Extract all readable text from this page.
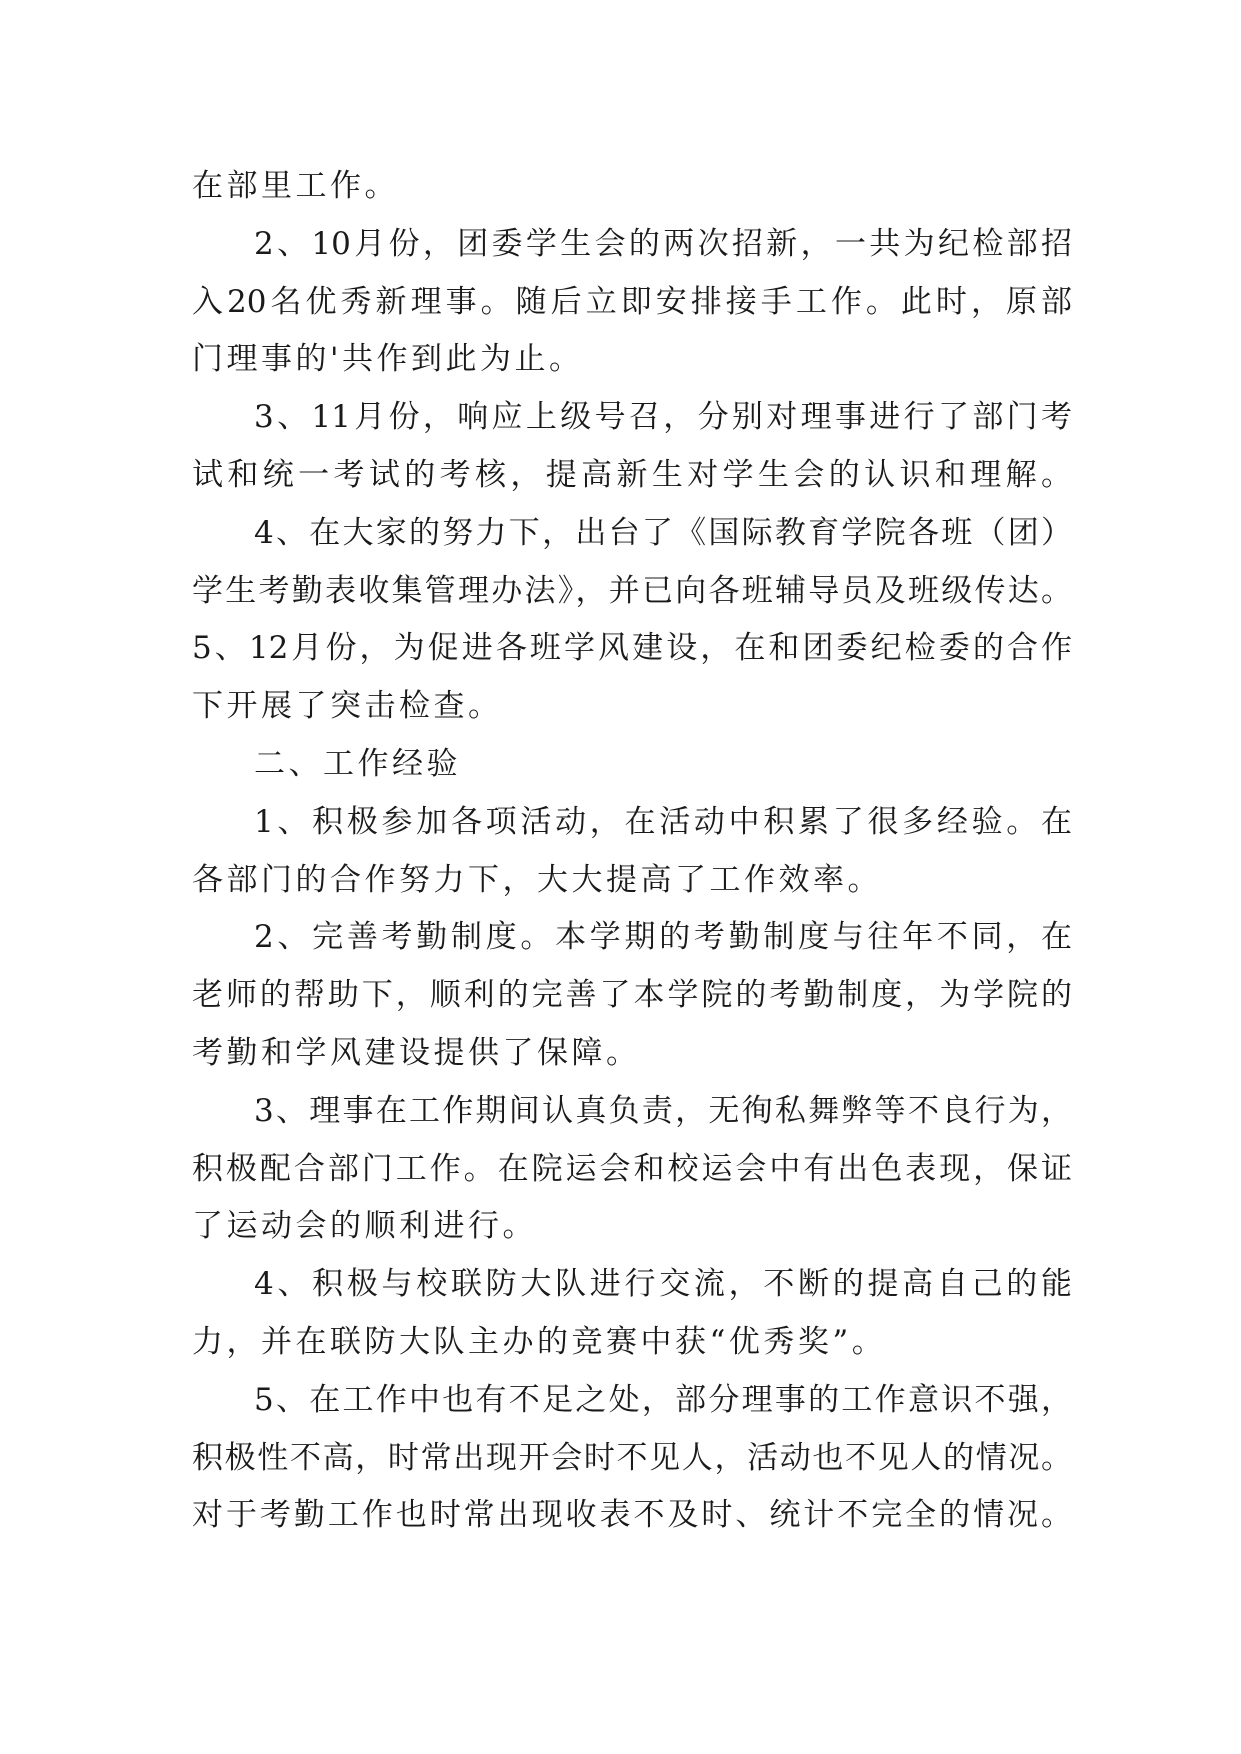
在部里工作。
2、10月份，团委学生会的两次招新，一共为纪检部招
入20名优秀新理事。随后立即安排接手工作。此时，原部
门理事的'共作到此为止。
3、11月份，响应上级号召，分别对理事进行了部门考
试和统一考试的考核，提高新生对学生会的认识和理解。
4、在大家的努力下，出台了《国际教育学院各班（团）
学生考勤表收集管理办法》，并已向各班辅导员及班级传达。
5、12月份，为促进各班学风建设，在和团委纪检委的合作
下开展了突击检查。
二、工作经验
1、积极参加各项活动，在活动中积累了很多经验。在
各部门的合作努力下，大大提高了工作效率。
2、完善考勤制度。本学期的考勤制度与往年不同，在
老师的帮助下，顺利的完善了本学院的考勤制度，为学院的
考勤和学风建设提供了保障。
3、理事在工作期间认真负责，无徇私舞弊等不良行为，
积极配合部门工作。在院运会和校运会中有出色表现，保证
了运动会的顺利进行。
4、积极与校联防大队进行交流，不断的提高自己的能
力，并在联防大队主办的竞赛中获“优秀奖”。
5、在工作中也有不足之处，部分理事的工作意识不强，
积极性不高，时常出现开会时不见人，活动也不见人的情况。
对于考勤工作也时常出现收表不及时、统计不完全的情况。
